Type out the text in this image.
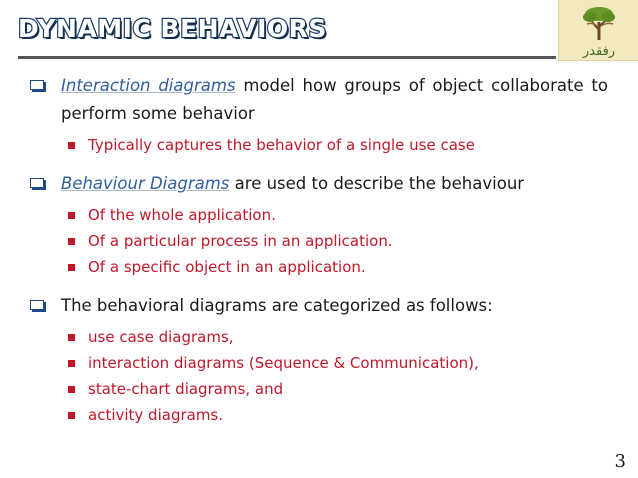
DYNAMIC BEHAVIORS
رفقدر
Interaction diagrams model how groups of object collaborate to perform some behavior
Typically captures the behavior of a single use case
Behaviour Diagrams are used to describe the behaviour
Of the whole application.
Of a particular process in an application.
Of a specific object in an application.
The behavioral diagrams are categorized as follows:
use case diagrams,
interaction diagrams (Sequence & Communication),
state-chart diagrams, and
activity diagrams.
3
